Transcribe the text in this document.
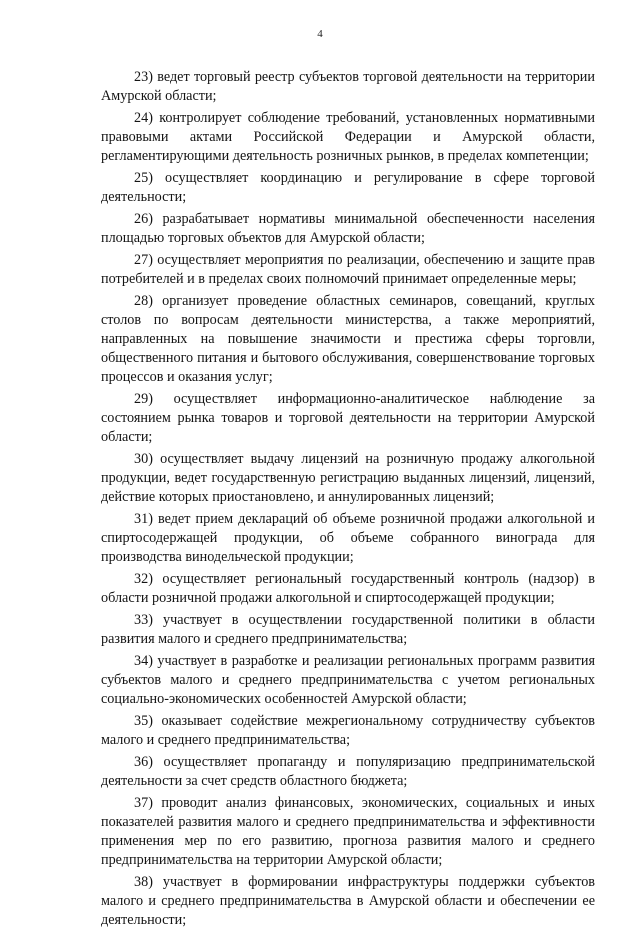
4

23) ведет торговый реестр субъектов торговой деятельности на территории Амурской области;

24) контролирует соблюдение требований, установленных нормативными правовыми актами Российской Федерации и Амурской области, регламентирующими деятельность розничных рынков, в пределах компетенции;

25) осуществляет координацию и регулирование в сфере торговой деятельности;

26) разрабатывает нормативы минимальной обеспеченности населения площадью торговых объектов для Амурской области;

27) осуществляет мероприятия по реализации, обеспечению и защите прав потребителей и в пределах своих полномочий принимает определенные меры;

28) организует проведение областных семинаров, совещаний, круглых столов по вопросам деятельности министерства, а также мероприятий, направленных на повышение значимости и престижа сферы торговли, общественного питания и бытового обслуживания, совершенствование торговых процессов и оказания услуг;

29) осуществляет информационно-аналитическое наблюдение за состоянием рынка товаров и торговой деятельности на территории Амурской области;

30) осуществляет выдачу лицензий на розничную продажу алкогольной продукции, ведет государственную регистрацию выданных лицензий, лицензий, действие которых приостановлено, и аннулированных лицензий;

31) ведет прием деклараций об объеме розничной продажи алкогольной и спиртосодержащей продукции, об объеме собранного винограда для производства винодельческой продукции;

32) осуществляет региональный государственный контроль (надзор) в области розничной продажи алкогольной и спиртосодержащей продукции;

33) участвует в осуществлении государственной политики в области развития малого и среднего предпринимательства;

34) участвует в разработке и реализации региональных программ развития субъектов малого и среднего предпринимательства с учетом региональных социально-экономических особенностей Амурской области;

35) оказывает содействие межрегиональному сотрудничеству субъектов малого и среднего предпринимательства;

36) осуществляет пропаганду и популяризацию предпринимательской деятельности за счет средств областного бюджета;

37) проводит анализ финансовых, экономических, социальных и иных показателей развития малого и среднего предпринимательства и эффективности применения мер по его развитию, прогноза развития малого и среднего предпринимательства на территории Амурской области;

38) участвует в формировании инфраструктуры поддержки субъектов малого и среднего предпринимательства в Амурской области и обеспечении ее деятельности;
